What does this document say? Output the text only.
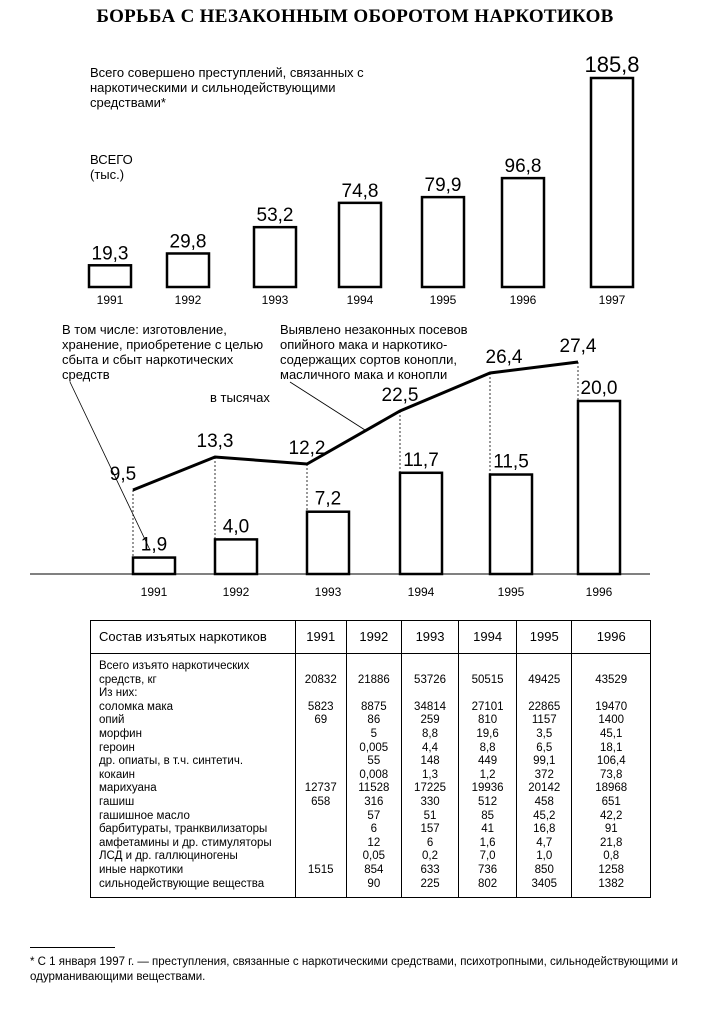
БОРЬБА С НЕЗАКОННЫМ ОБОРОТОМ НАРКОТИКОВ
Всего совершено преступлений, связанных с наркотическими и сильнодействующими средствами*
ВСЕГО (тыс.)
В том числе: изготовление, хранение, приобретение с целью сбыта и сбыт наркотических средств
Выявлено незаконных посевов опийного мака и наркотико-содержащих сортов конопли, масличного мака и конопли
в тысячах
19,3
1991
29,8
1992
53,2
1993
74,8
1994
79,9
1995
96,8
1996
185,8
1997
1,9
1991
4,0
1992
7,2
1993
11,7
1994
11,5
1995
20,0
1996
9,5
13,3	12,2
22,5
26,4
27,4
Состав изъятых наркотиков	1991	1992	1993	1994	1995	1996
Всего изъято наркотических						
средств, кг	20832	21886	53726	50515	49425	43529
Из них:						
соломка мака	5823	8875	34814	27101	22865	19470
опий	69	86	259	810	1157	1400
морфин		5	8,8	19,6	3,5	45,1
героин		0,005	4,4	8,8	6,5	18,1
др. опиаты, в т.ч. синтетич.		55	148	449	99,1	106,4
кокаин		0,008	1,3	1,2	372	73,8
марихуана	12737	11528	17225	19936	20142	18968
гашиш	658	316	330	512	458	651
гашишное масло		57	51	85	45,2	42,2
барбитураты, транквилизаторы		6	157	41	16,8	91
амфетамины и др. стимуляторы		12	6	1,6	4,7	21,8
ЛСД и др. галлюциногены		0,05	0,2	7,0	1,0	0,8
иные наркотики	1515	854	633	736	850	1258
сильнодействующие вещества		90	225	802	3405	1382
* С 1 января 1997 г. — преступления, связанные с наркотическими средствами, психотропными, сильнодействующими и одурманивающими веществами.
